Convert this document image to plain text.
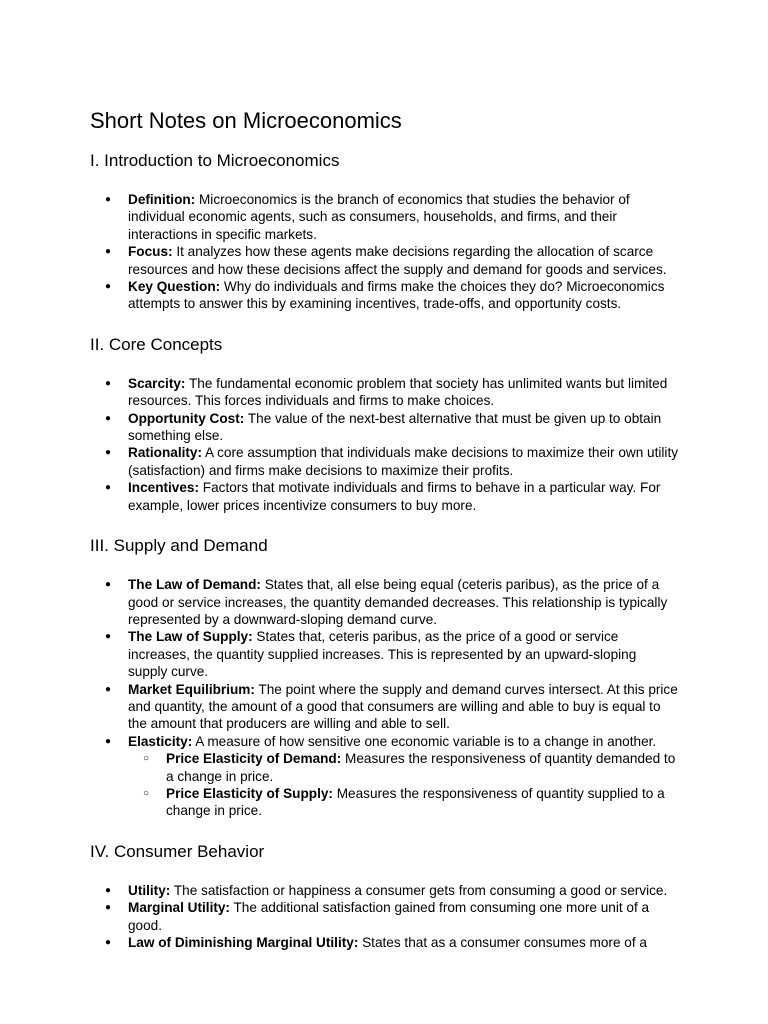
Short Notes on Microeconomics
I. Introduction to Microeconomics
● Definition: Microeconomics is the branch of economics that studies the behavior of individual economic agents, such as consumers, households, and firms, and their interactions in specific markets.
● Focus: It analyzes how these agents make decisions regarding the allocation of scarce resources and how these decisions affect the supply and demand for goods and services.
● Key Question: Why do individuals and firms make the choices they do? Microeconomics attempts to answer this by examining incentives, trade-offs, and opportunity costs.
II. Core Concepts
● Scarcity: The fundamental economic problem that society has unlimited wants but limited resources. This forces individuals and firms to make choices.
● Opportunity Cost: The value of the next-best alternative that must be given up to obtain something else.
● Rationality: A core assumption that individuals make decisions to maximize their own utility (satisfaction) and firms make decisions to maximize their profits.
● Incentives: Factors that motivate individuals and firms to behave in a particular way. For example, lower prices incentivize consumers to buy more.
III. Supply and Demand
● The Law of Demand: States that, all else being equal (ceteris paribus), as the price of a good or service increases, the quantity demanded decreases. This relationship is typically represented by a downward-sloping demand curve.
● The Law of Supply: States that, ceteris paribus, as the price of a good or service increases, the quantity supplied increases. This is represented by an upward-sloping supply curve.
● Market Equilibrium: The point where the supply and demand curves intersect. At this price and quantity, the amount of a good that consumers are willing and able to buy is equal to the amount that producers are willing and able to sell.
● Elasticity: A measure of how sensitive one economic variable is to a change in another.
○ Price Elasticity of Demand: Measures the responsiveness of quantity demanded to a change in price.
○ Price Elasticity of Supply: Measures the responsiveness of quantity supplied to a change in price.
IV. Consumer Behavior
● Utility: The satisfaction or happiness a consumer gets from consuming a good or service.
● Marginal Utility: The additional satisfaction gained from consuming one more unit of a good.
● Law of Diminishing Marginal Utility: States that as a consumer consumes more of a
